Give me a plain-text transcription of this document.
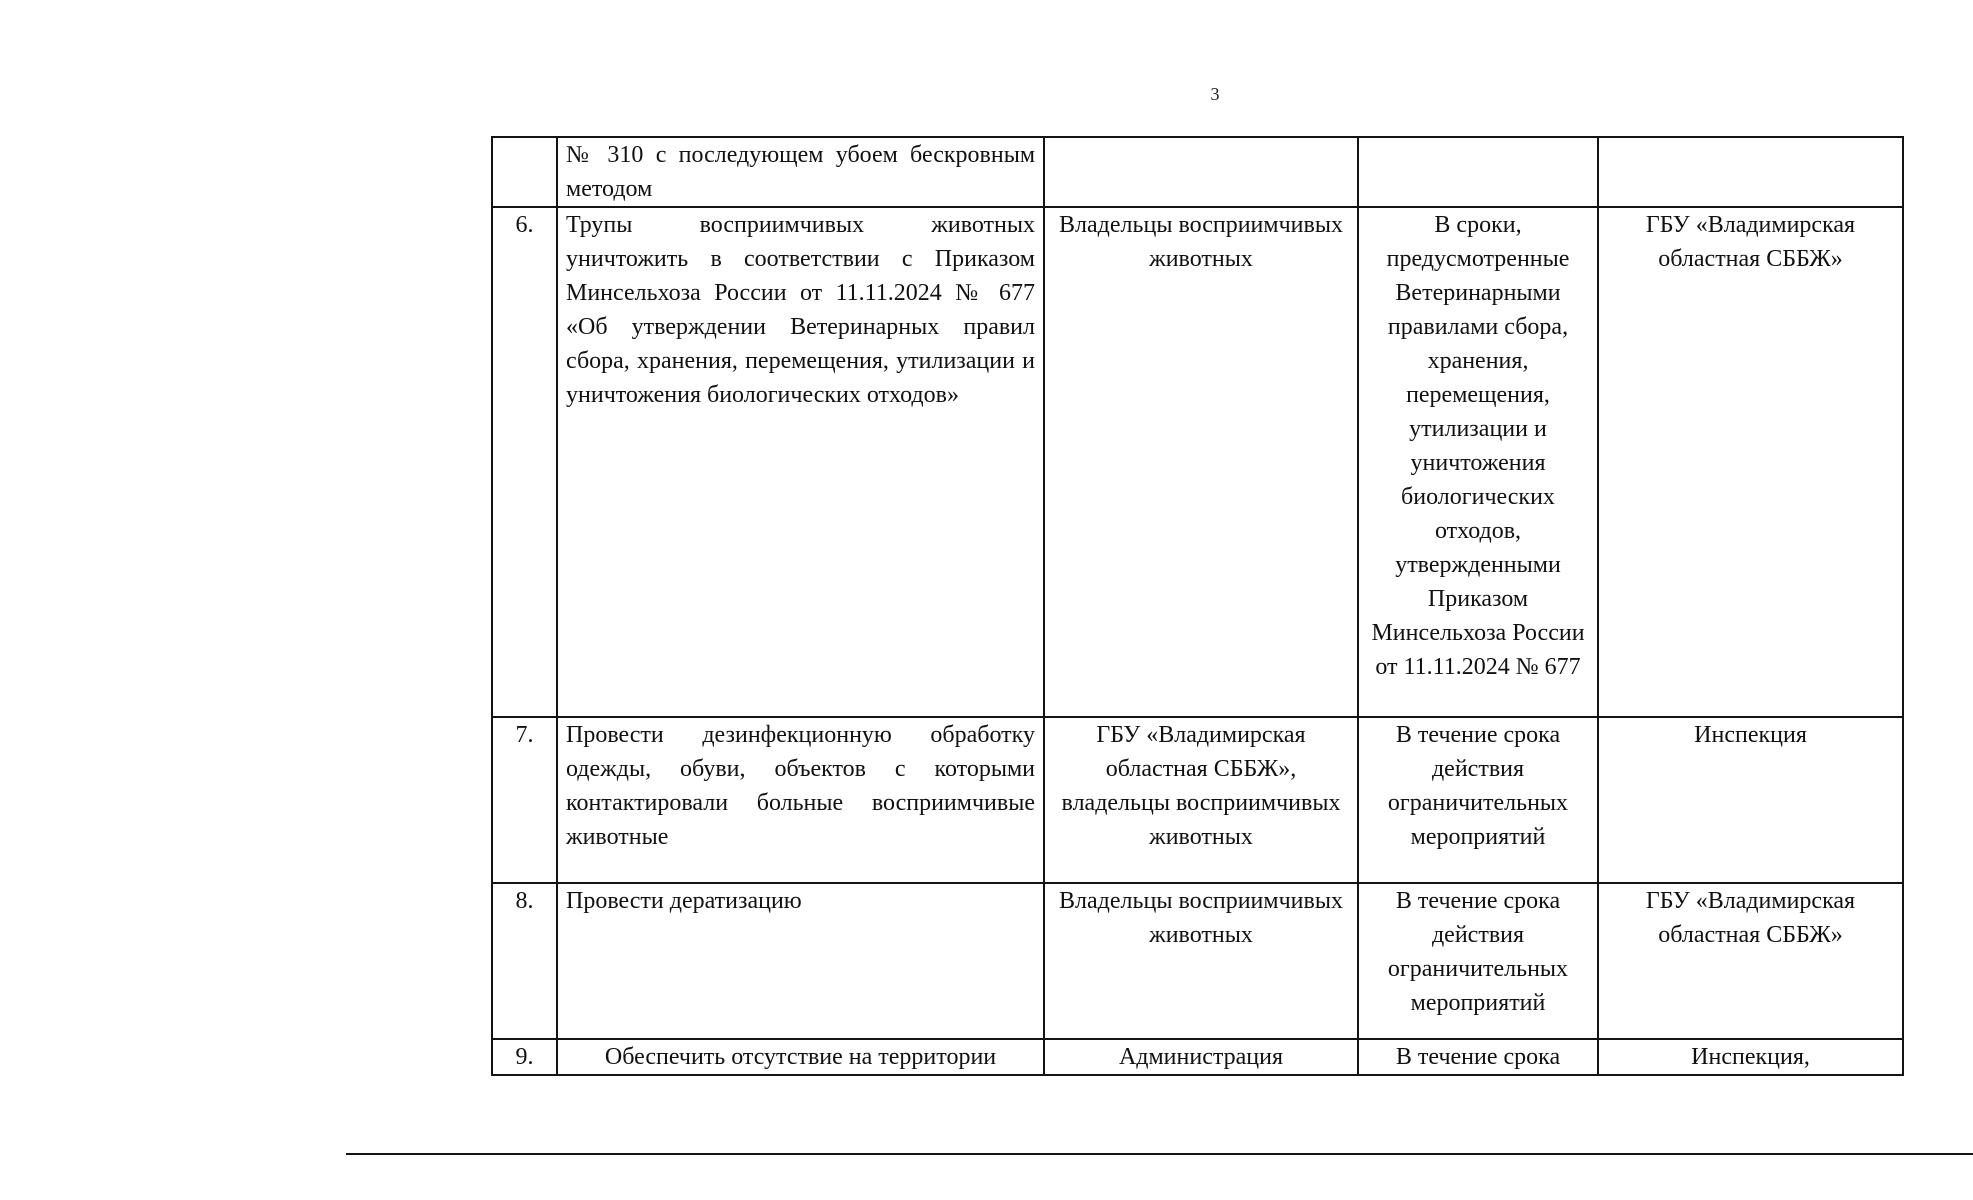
3

	№ 310 с последующем убоем бескровным методом			

6.	Трупы восприимчивых животных уничтожить в соответствии с Приказом Минсельхоза России от 11.11.2024 № 677 «Об утверждении Ветеринарных правил сбора, хранения, перемещения, утилизации и уничтожения биологических отходов»	Владельцы восприимчивых животных	В сроки, предусмотренные Ветеринарными правилами сбора, хранения, перемещения, утилизации и уничтожения биологических отходов, утвержденными Приказом Минсельхоза России от 11.11.2024 № 677	ГБУ «Владимирская областная СББЖ»
7.	Провести дезинфекционную обработку одежды, обуви, объектов с которыми контактировали больные восприимчивые животные	ГБУ «Владимирская областная СББЖ», владельцы восприимчивых животных	В течение срока действия ограничительных мероприятий	Инспекция
8.	Провести дератизацию	Владельцы восприимчивых животных	В течение срока действия ограничительных мероприятий	ГБУ «Владимирская областная СББЖ»
9.	Обеспечить отсутствие на территории	Администрация	В течение срока	Инспекция,
